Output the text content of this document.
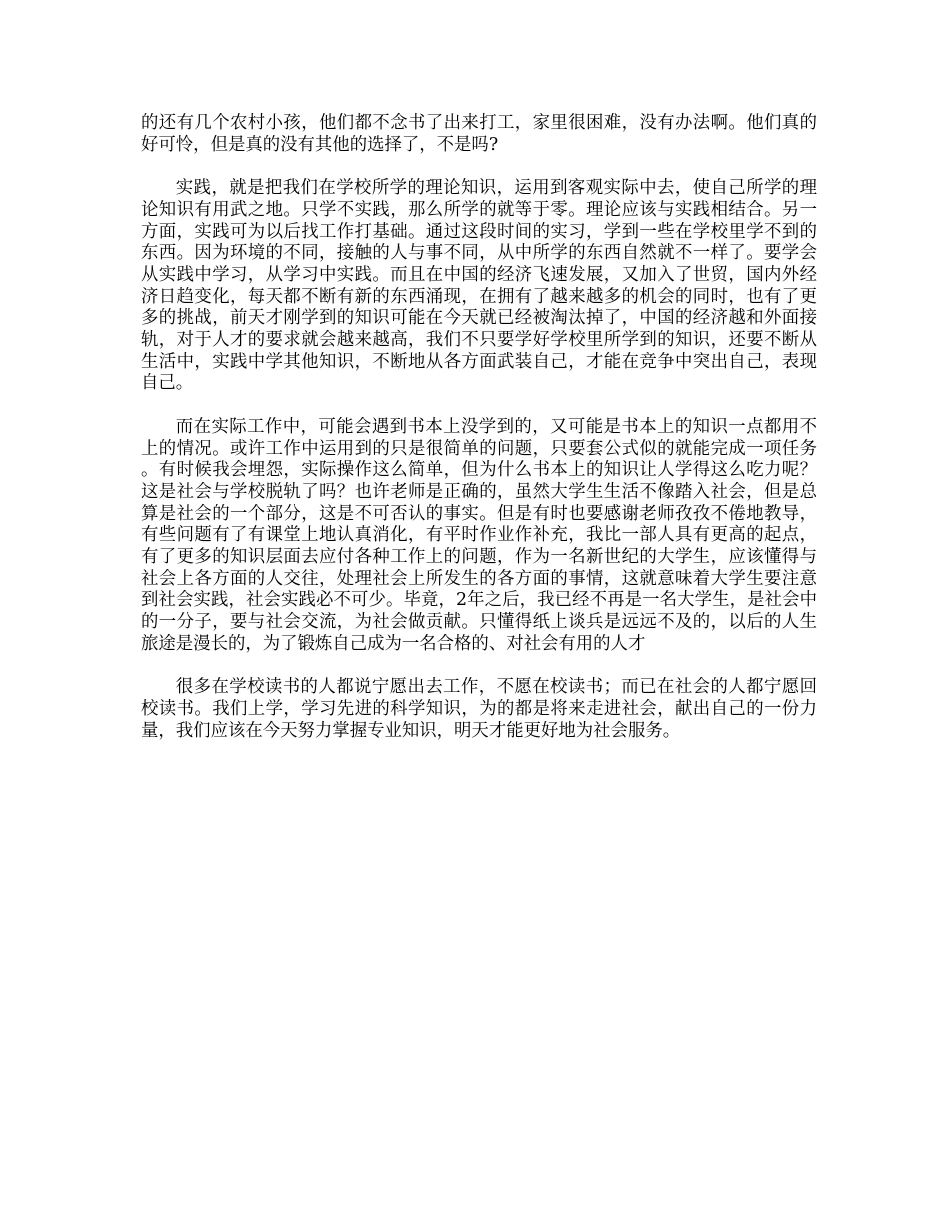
的还有几个农村小孩，他们都不念书了出来打工，家里很困难，没有办法啊。他们真的好可怜，但是真的没有其他的选择了，不是吗?

实践，就是把我们在学校所学的理论知识，运用到客观实际中去，使自己所学的理论知识有用武之地。只学不实践，那么所学的就等于零。理论应该与实践相结合。另一方面，实践可为以后找工作打基础。通过这段时间的实习，学到一些在学校里学不到的东西。因为环境的不同，接触的人与事不同，从中所学的东西自然就不一样了。要学会从实践中学习，从学习中实践。而且在中国的经济飞速发展，又加入了世贸，国内外经济日趋变化，每天都不断有新的东西涌现，在拥有了越来越多的机会的同时，也有了更多的挑战，前天才刚学到的知识可能在今天就已经被淘汰掉了，中国的经济越和外面接轨，对于人才的要求就会越来越高，我们不只要学好学校里所学到的知识，还要不断从生活中，实践中学其他知识，不断地从各方面武装自己，才能在竞争中突出自己，表现自己。

而在实际工作中，可能会遇到书本上没学到的，又可能是书本上的知识一点都用不上的情况。或许工作中运用到的只是很简单的问题，只要套公式似的就能完成一项任务。有时候我会埋怨，实际操作这么简单，但为什么书本上的知识让人学得这么吃力呢？这是社会与学校脱轨了吗？也许老师是正确的，虽然大学生生活不像踏入社会，但是总算是社会的一个部分，这是不可否认的事实。但是有时也要感谢老师孜孜不倦地教导，有些问题有了有课堂上地认真消化，有平时作业作补充，我比一部人具有更高的起点，有了更多的知识层面去应付各种工作上的问题，作为一名新世纪的大学生，应该懂得与社会上各方面的人交往，处理社会上所发生的各方面的事情，这就意味着大学生要注意到社会实践，社会实践必不可少。毕竟，2年之后，我已经不再是一名大学生，是社会中的一分子，要与社会交流，为社会做贡献。只懂得纸上谈兵是远远不及的，以后的人生旅途是漫长的，为了锻炼自己成为一名合格的、对社会有用的人才

很多在学校读书的人都说宁愿出去工作，不愿在校读书；而已在社会的人都宁愿回校读书。我们上学，学习先进的科学知识，为的都是将来走进社会，献出自己的一份力量，我们应该在今天努力掌握专业知识，明天才能更好地为社会服务。
